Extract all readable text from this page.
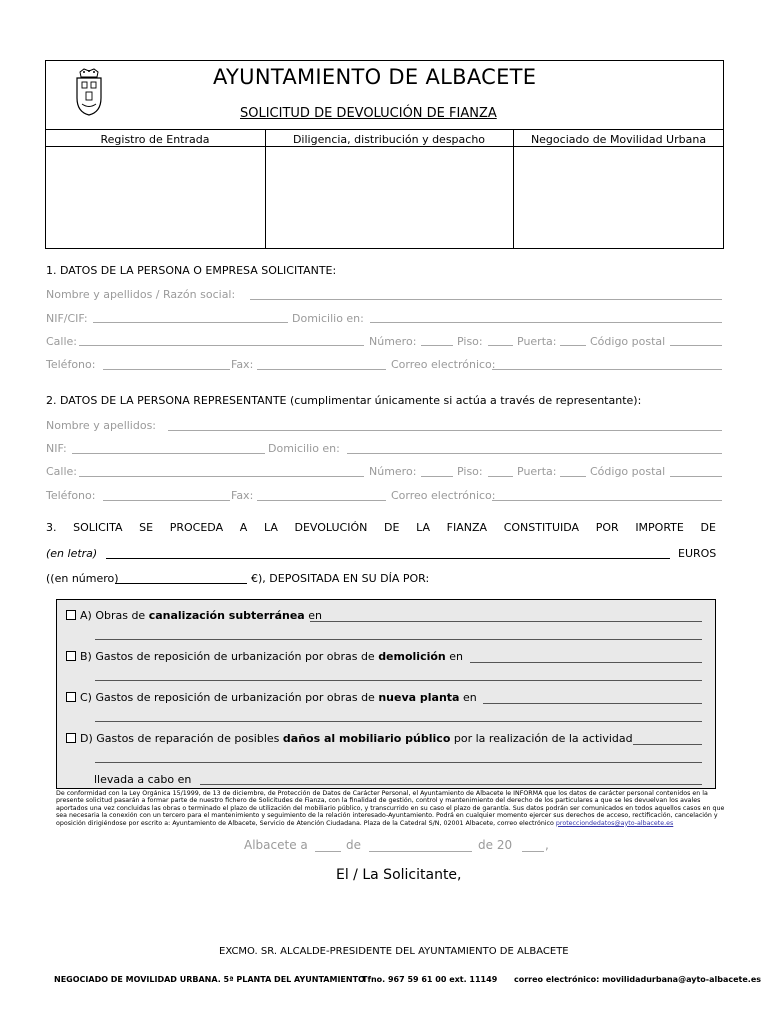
AYUNTAMIENTO DE ALBACETE
SOLICITUD DE DEVOLUCIÓN DE FIANZA
Registro de Entrada	Diligencia, distribución y despacho	Negociado de Movilidad Urbana
1. DATOS DE LA PERSONA O EMPRESA SOLICITANTE:
Nombre y apellidos / Razón social:
NIF/CIF:	Domicilio en:
Calle:	Número:	Piso:	Puerta:	Código postal
Teléfono:	Fax:	Correo electrónico:
2. DATOS DE LA PERSONA REPRESENTANTE (cumplimentar únicamente si actúa a través de representante):
Nombre y apellidos:
NIF:	Domicilio en:
Calle:	Número:	Piso:	Puerta:	Código postal
Teléfono:	Fax:	Correo electrónico:
3. SOLICITA SE PROCEDA A LA DEVOLUCIÓN DE LA FIANZA CONSTITUIDA POR IMPORTE DE
(en letra)	EUROS
((en número)	€), DEPOSITADA EN SU DÍA POR:
A) Obras de canalización subterránea en
B) Gastos de reposición de urbanización por obras de demolición en
C) Gastos de reposición de urbanización por obras de nueva planta en
D) Gastos de reparación de posibles daños al mobiliario público por la realización de la actividad
llevada a cabo en
De conformidad con la Ley Orgánica 15/1999, de 13 de diciembre, de Protección de Datos de Carácter Personal, el Ayuntamiento de Albacete le INFORMA que los datos de carácter personal contenidos en la presente solicitud pasarán a formar parte de nuestro fichero de Solicitudes de Fianza, con la finalidad de gestión, control y mantenimiento del derecho de los particulares a que se les devuelvan los avales aportados una vez concluidas las obras o terminado el plazo de utilización del mobiliario público, y transcurrido en su caso el plazo de garantía. Sus datos podrán ser comunicados en todos aquellos casos en que sea necesaria la conexión con un tercero para el mantenimiento y seguimiento de la relación interesado-Ayuntamiento. Podrá en cualquier momento ejercer sus derechos de acceso, rectificación, cancelación y oposición dirigiéndose por escrito a: Ayuntamiento de Albacete, Servicio de Atención Ciudadana. Plaza de la Catedral S/N, 02001 Albacete, correo electrónico protecciondedatos@ayto-albacete.es
Albacete a	de	de 20	,
El / La Solicitante,
EXCMO. SR. ALCALDE-PRESIDENTE DEL AYUNTAMIENTO DE ALBACETE
NEGOCIADO DE MOVILIDAD URBANA. 5ª PLANTA DEL AYUNTAMIENTO
Tfno. 967 59 61 00 ext. 11149 correo electrónico: movilidadurbana@ayto-albacete.es
